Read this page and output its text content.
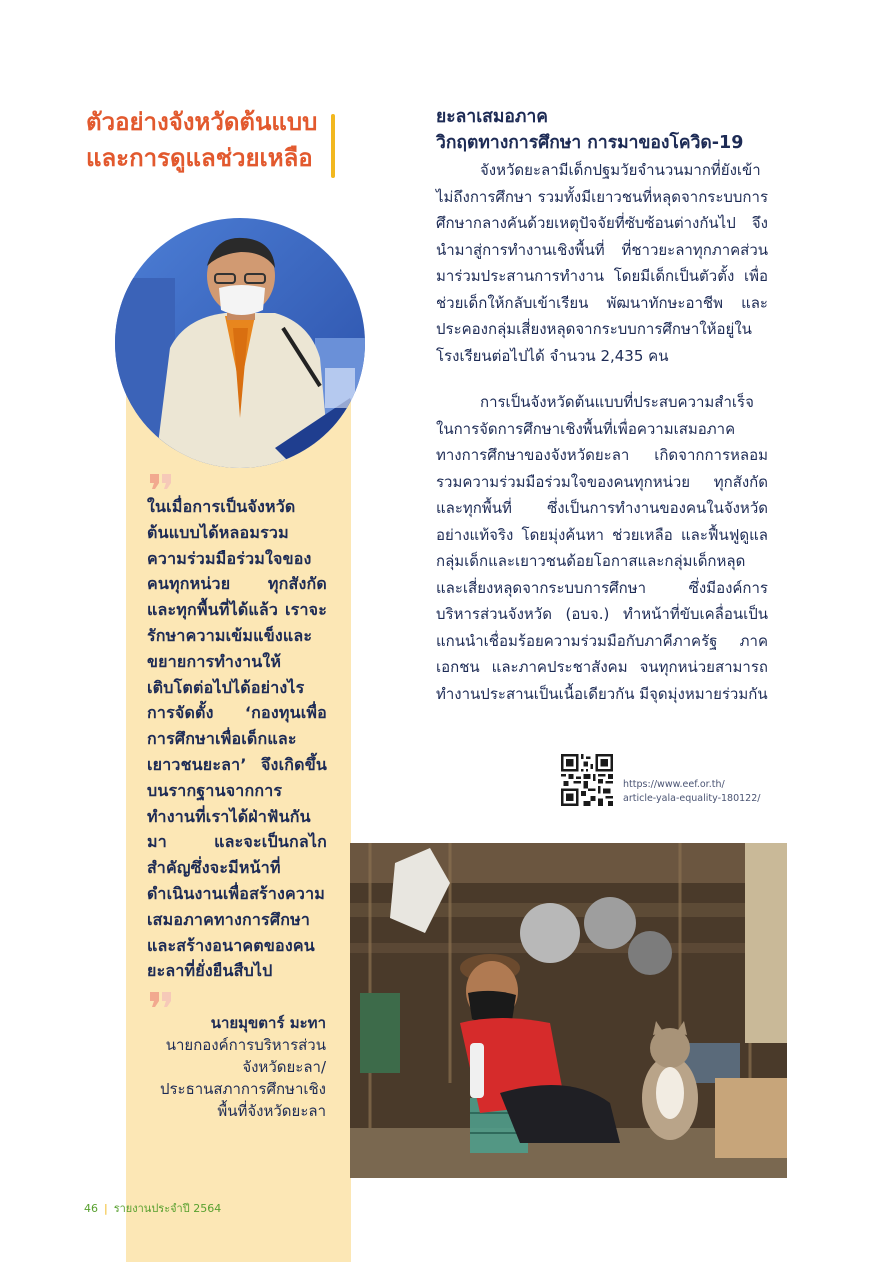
ตัวอย่างจังหวัดต้นแบบและการดูแลช่วยเหลือ
ในเมื่อการเป็นจังหวัดต้นแบบได้หลอมรวมความร่วมมือร่วมใจของคนทุกหน่วย ทุกสังกัด และทุกพื้นที่ได้แล้ว เราจะรักษาความเข้มแข็งและขยายการทำงานให้เติบโตต่อไปได้อย่างไร การจัดตั้ง ‘กองทุนเพื่อการศึกษาเพื่อเด็กและเยาวชนยะลา’ จึงเกิดขึ้นบนรากฐานจากการทำงานที่เราได้ฝ่าฟันกันมา และจะเป็นกลไกสำคัญซึ่งจะมีหน้าที่ดำเนินงานเพื่อสร้างความเสมอภาคทางการศึกษา และสร้างอนาคตของคนยะลาที่ยั่งยืนสืบไป
นายมุขตาร์ มะทา
นายกองค์การบริหารส่วนจังหวัดยะลา/
ประธานสภาการศึกษาเชิงพื้นที่จังหวัดยะลา
ยะลาเสมอภาค
วิกฤตทางการศึกษา การมาของโควิด-19

จังหวัดยะลามีเด็กปฐมวัยจำนวนมากที่ยังเข้าไม่ถึงการศึกษา รวมทั้งมีเยาวชนที่หลุดจากระบบการศึกษากลางคันด้วยเหตุปัจจัยที่ซับซ้อนต่างกันไป จึงนำมาสู่การทำงานเชิงพื้นที่ ที่ชาวยะลาทุกภาคส่วนมาร่วมประสานการทำงาน โดยมีเด็กเป็นตัวตั้ง เพื่อช่วยเด็กให้กลับเข้าเรียน พัฒนาทักษะอาชีพ และประคองกลุ่มเสี่ยงหลุดจากระบบการศึกษาให้อยู่ในโรงเรียนต่อไปได้ จำนวน 2,435 คน

การเป็นจังหวัดต้นแบบที่ประสบความสำเร็จในการจัดการศึกษาเชิงพื้นที่เพื่อความเสมอภาคทางการศึกษาของจังหวัดยะลา เกิดจากการหลอมรวมความร่วมมือร่วมใจของคนทุกหน่วย ทุกสังกัด และทุกพื้นที่ ซึ่งเป็นการทำงานของคนในจังหวัดอย่างแท้จริง โดยมุ่งค้นหา ช่วยเหลือ และฟื้นฟูดูแลกลุ่มเด็กและเยาวชนด้อยโอกาสและกลุ่มเด็กหลุดและเสี่ยงหลุดจากระบบการศึกษา ซึ่งมีองค์การบริหารส่วนจังหวัด (อบจ.) ทำหน้าที่ขับเคลื่อนเป็นแกนนำเชื่อมร้อยความร่วมมือกับภาคีภาครัฐ ภาคเอกชน และภาคประชาสังคม จนทุกหน่วยสามารถทำงานประสานเป็นเนื้อเดียวกัน มีจุดมุ่งหมายร่วมกัน

https://www.eef.or.th/
article-yala-equality-180122/
46 | รายงานประจำปี 2564
